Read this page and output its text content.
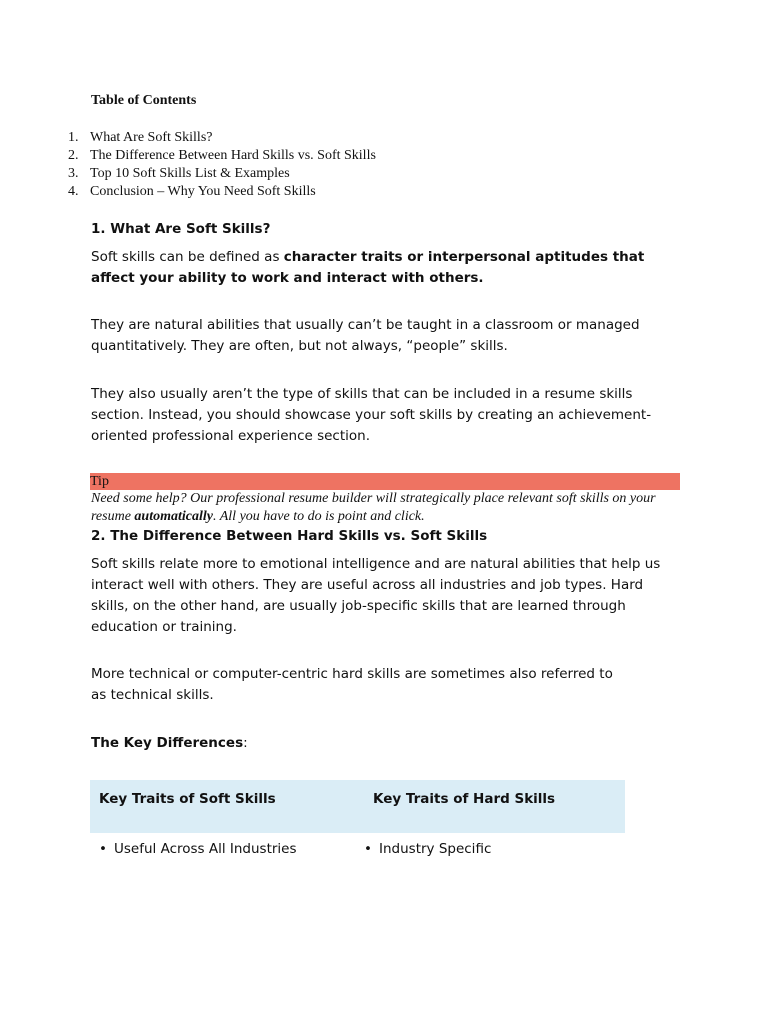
Table of Contents
1. What Are Soft Skills?
2. The Difference Between Hard Skills vs. Soft Skills
3. Top 10 Soft Skills List & Examples
4. Conclusion – Why You Need Soft Skills
1. What Are Soft Skills?

Soft skills can be defined as character traits or interpersonal aptitudes that affect your ability to work and interact with others.

They are natural abilities that usually can’t be taught in a classroom or managed quantitatively. They are often, but not always, “people” skills.

They also usually aren’t the type of skills that can be included in a resume skills section. Instead, you should showcase your soft skills by creating an achievement-oriented professional experience section.

Tip

Need some help? Our professional resume builder will strategically place relevant soft skills on your resume automatically. All you have to do is point and click.

2. The Difference Between Hard Skills vs. Soft Skills

Soft skills relate more to emotional intelligence and are natural abilities that help us interact well with others. They are useful across all industries and job types. Hard skills, on the other hand, are usually job-specific skills that are learned through education or training.

More technical or computer-centric hard skills are sometimes also referred to as technical skills.

The Key Differences:
Key Traits of Soft Skills	Key Traits of Hard Skills
• Useful Across All Industries	• Industry Specific
